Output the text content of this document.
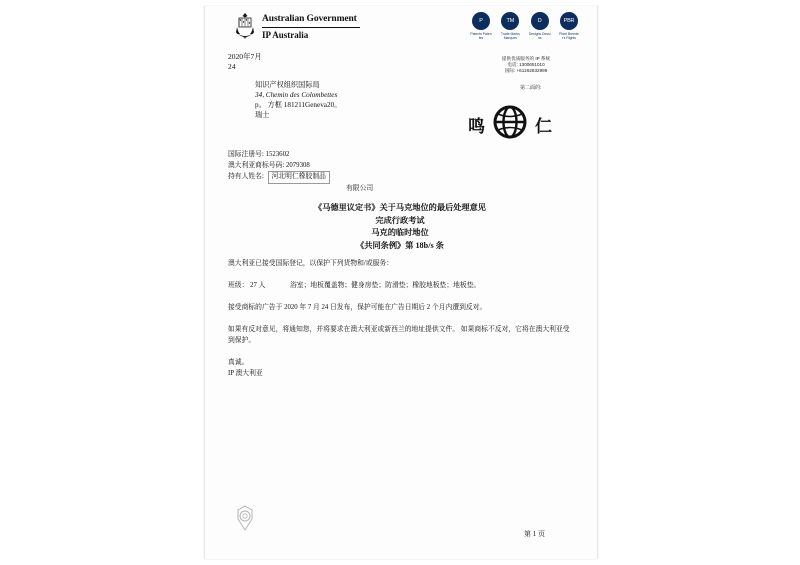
Australian Government
IP Australia
P
Patents Patentes
TM
Trade Marks Marques
D
Designs Dessins
PBR
Plant Breeder's Rights
提供优质服务的 IP 系统
电话: 1300651010
国际: +61262832999
第二面的:
2020年7月
24
知识产权组织国际局
34, Chemin des Colombettes
p。 方框 181211Geneva20。
瑞士
鸣	仁
国际注册号: 1523602
澳大利亚商标号码: 2079308
持有人姓名: 河北明仁橡胶制品
有限公司
《马德里议定书》关于马克地位的最后处理意见
完成行政考试
马克的临时地位
《共同条例》第 18b/s 条

澳大利亚已接受国际登记，以保护下列货物和/或服务：

班级： 27 人	浴室；地板覆盖物；健身房垫；防滑垫；橡胶地板垫；地板垫。

接受商标的广告于 2020 年 7 月 24 日发布，保护可能在广告日期后 2 个月内遭到反对。

如果有反对意见，将通知您，并将要求在澳大利亚或新西兰的地址提供文件。 如果商标不反对，它将在澳大利亚受到保护。

真诚。
IP 澳大利亚
第 1 页
